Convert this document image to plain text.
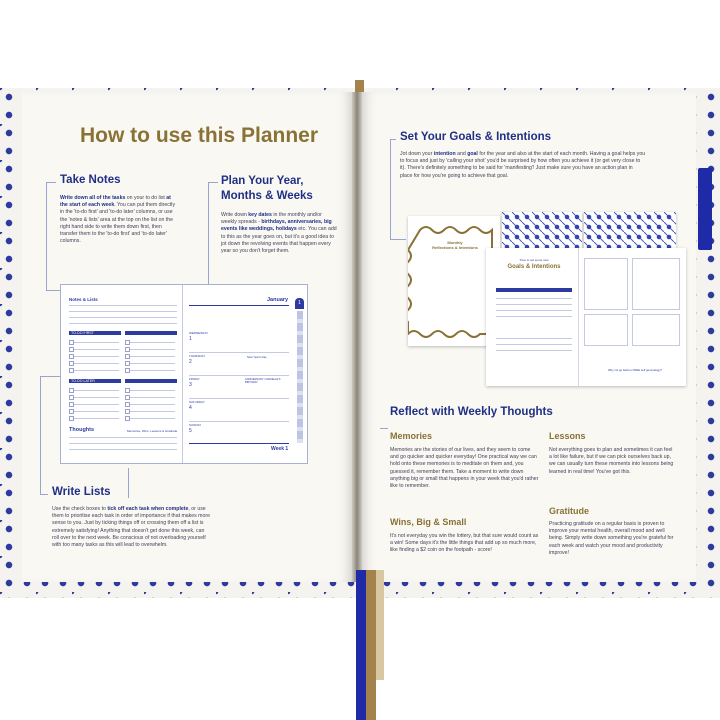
How to use this Planner
Take Notes
Write down all of the tasks on your to do list at the start of each week. You can put them directly in the 'to-do first' and 'to-do later' columns, or use the 'notes & lists' area at the top on the list on the right hand side to write them down first, then transfer them to the 'to-do first' and 'to-do later' columns.
Plan Your Year,
Months & Weeks
Write down key dates in the monthly and/or weekly spreads - birthdays, anniversaries, big events like weddings, holidays etc. You can add to this as the year goes on, but it's a good idea to jot down the revolving events that happen every year so you don't forget them.
Notes & Lists
TO-DO FIRST
TO-DO LATER
Thoughts	Memories, Wins, Lessons & Gratitude
January	1
WEDNESDAY
1
THURSDAY
2
New Year's Day
FRIDAY
3
ANNIVERSARY / DANIELLE'S BIRTHDAY
SATURDAY
4
SUNDAY
5
Week 1
Write Lists
Use the check boxes to tick off each task when complete, or use them to prioritise each task in order of importance if that makes more sense to you. Just by ticking things off or crossing them off a list is extremely satisfying! Anything that doesn't get done this week, can roll over to the next week. Be conscious of not overloading yourself with too many tasks as this will lead to overwhelm.
Set Your Goals & Intentions
Jot down your intention and goal for the year and also at the start of each month. Having a goal helps you to focus and just by 'calling your shot' you'd be surprised by how often you achieve it (or get very close to it). There's definitely something to be said for 'manifesting'! Just make sure you have an action plan in place for how you're going to achieve that goal.
Monthly
Reflections & Intentions
Time to set some new
Goals & Intentions
Why not go back to FREE self gemmalogy?
Reflect with Weekly Thoughts
Memories
Memories are the stories of our lives, and they seem to come and go quicker and quicker everyday! One practical way we can hold onto these memories is to meditate on them and, you guessed it, remember them. Take a moment to write down anything big or small that happens in your week that you'd rather like to remember.
Wins, Big & Small
It's not everyday you win the lottery, but that sure would count as a win! Some days it's the little things that add up so much more, like finding a $2 coin on the footpath - score!
Lessons
Not everything goes to plan and sometimes it can feel a lot like failure, but if we can pick ourselves back up, we can usually turn these moments into lessons being learned in real time! You've got this.
Gratitude
Practicing gratitude on a regular basis is proven to improve your mental health, overall mood and well being. Simply write down something you're grateful for each week and watch your mood and productivity improve!
